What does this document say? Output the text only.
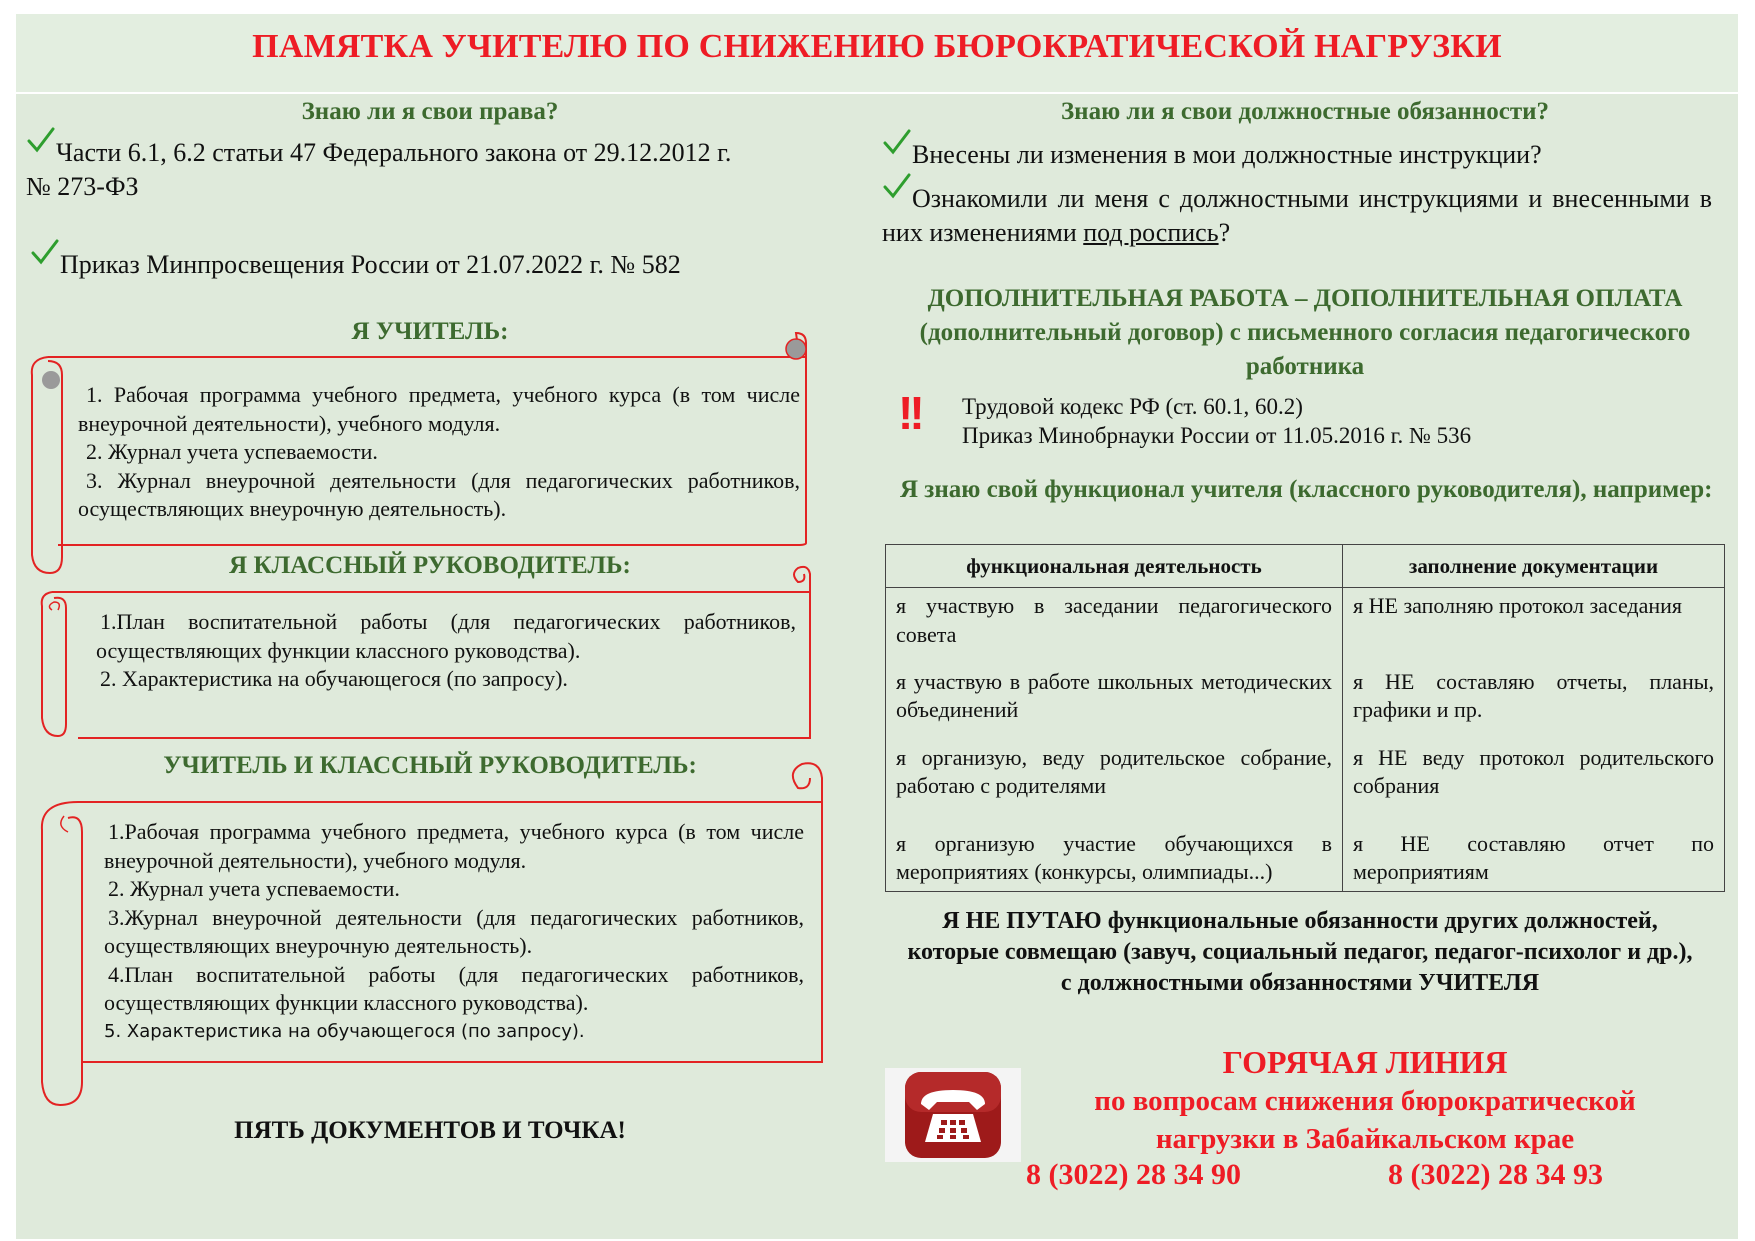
ПАМЯТКА УЧИТЕЛЮ ПО СНИЖЕНИЮ БЮРОКРАТИЧЕСКОЙ НАГРУЗКИ
Знаю ли я свои права?
Части 6.1, 6.2 статьи 47 Федерального закона от 29.12.2012 г.
№ 273-ФЗ
Приказ Минпросвещения России от 21.07.2022 г. № 582
Я УЧИТЕЛЬ:

1. Рабочая программа учебного предмета, учебного курса (в том числе внеурочной деятельности), учебного модуля.

2. Журнал учета успеваемости.

3. Журнал внеурочной деятельности (для педагогических работников, осуществляющих внеурочную деятельность).

Я КЛАССНЫЙ РУКОВОДИТЕЛЬ:

1.План воспитательной работы (для педагогических работников, осуществляющих функции классного руководства).

2. Характеристика на обучающегося (по запросу).

УЧИТЕЛЬ И КЛАССНЫЙ РУКОВОДИТЕЛЬ:

1.Рабочая программа учебного предмета, учебного курса (в том числе внеурочной деятельности), учебного модуля.

2. Журнал учета успеваемости.

3.Журнал внеурочной деятельности (для педагогических работников, осуществляющих внеурочную деятельность).

4.План воспитательной работы (для педагогических работников, осуществляющих функции классного руководства).

5. Характеристика на обучающегося (по запросу).

ПЯТЬ ДОКУМЕНТОВ И ТОЧКА!
Знаю ли я свои должностные обязанности?
Внесены ли изменения в мои должностные инструкции?
Ознакомили ли меня с должностными инструкциями и внесенными в них изменениями под роспись?
ДОПОЛНИТЕЛЬНАЯ РАБОТА – ДОПОЛНИТЕЛЬНАЯ ОПЛАТА (дополнительный договор) с письменного согласия педагогического работника
!!	Трудовой кодекс РФ (ст. 60.1, 60.2)
Приказ Минобрнауки России от 11.05.2016 г. № 536
Я знаю свой функционал учителя (классного руководителя), например:
функциональная деятельность	заполнение документации
я участвую в заседании педагогического совета	я НЕ заполняю протокол заседания
я участвую в работе школьных методических объединений	я НЕ составляю отчеты, планы, графики и пр.
я организую, веду родительское собрание, работаю с родителями	я НЕ веду протокол родительского собрания
я организую участие обучающихся в мероприятиях (конкурсы, олимпиады...)	я НЕ составляю отчет по мероприятиям
Я НЕ ПУТАЮ функциональные обязанности других должностей, которые совмещаю (завуч, социальный педагог, педагог-психолог и др.), с должностными обязанностями УЧИТЕЛЯ
ГОРЯЧАЯ ЛИНИЯ
по вопросам снижения бюрократической нагрузки в Забайкальском крае
8 (3022) 28 34 90	8 (3022) 28 34 93
